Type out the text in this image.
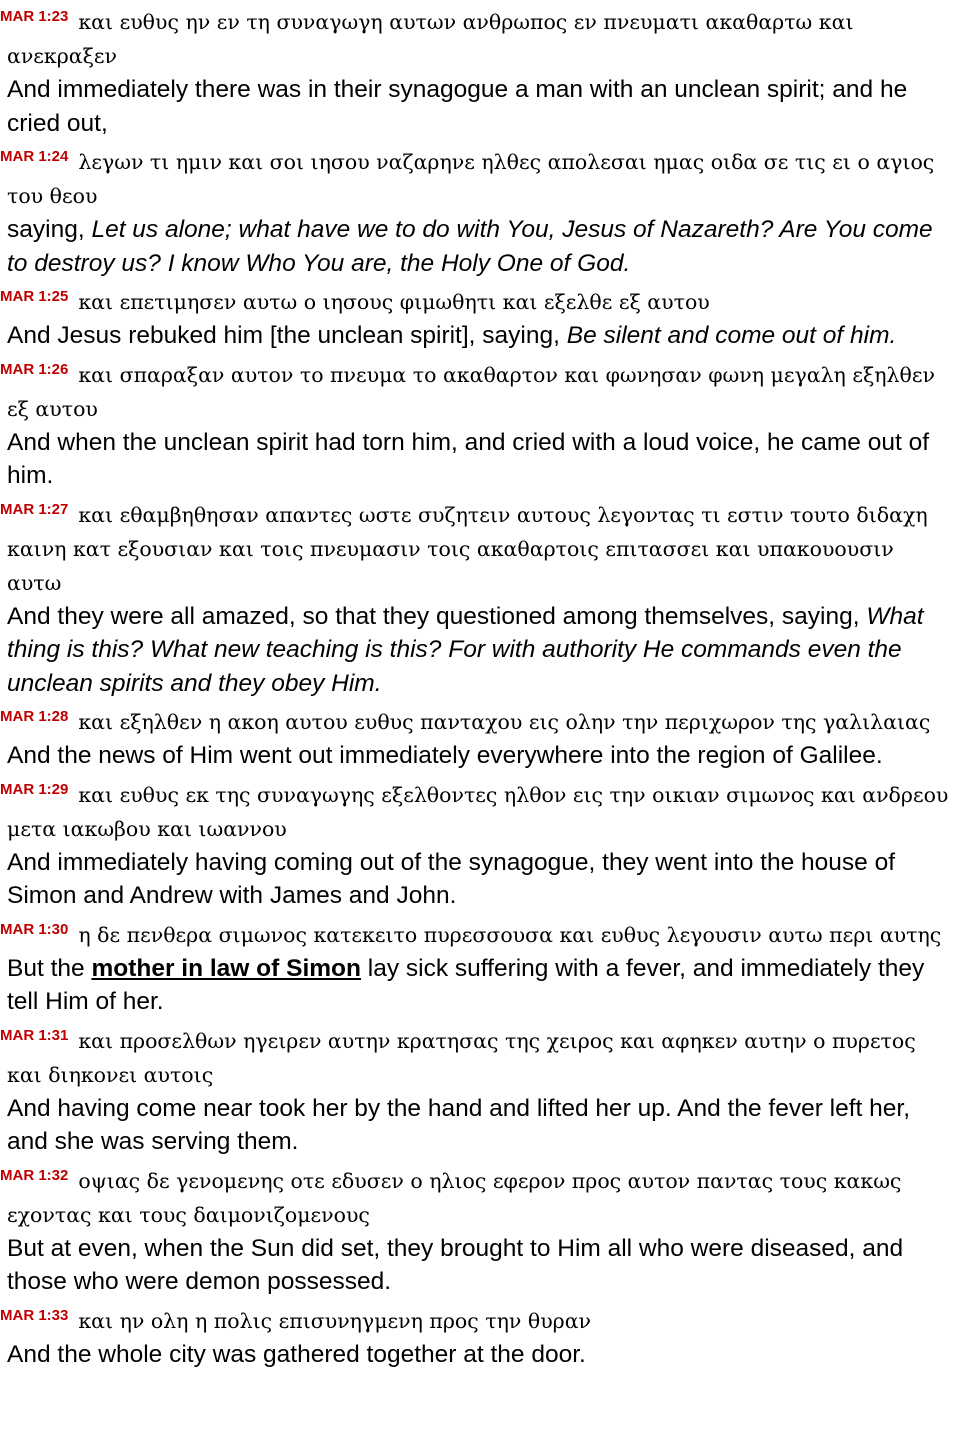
$^{MAR 1:23}$ και ευθυς ην εν τη συναγωγη αυτων ανθρωπος εν πνευματι ακαθαρτω και ανεκραξεν
And immediately there was in their synagogue a man with an unclean spirit; and he cried out,
$^{MAR 1:24}$ λεγων τι ημιν και σοι ιησου ναζαρηνε ηλθες απολεσαι ημας οιδα σε τις ει ο αγιος του θεου
saying, Let us alone; what have we to do with You, Jesus of Nazareth? Are You come to destroy us? I know Who You are, the Holy One of God.
$^{MAR 1:25}$ και επετιμησεν αυτω ο ιησους φιμωθητι και εξελθε εξ αυτου
And Jesus rebuked him [the unclean spirit], saying, Be silent and come out of him.
$^{MAR 1:26}$ και σπαραξαν αυτον το πνευμα το ακαθαρτον και φωνησαν φωνη μεγαλη εξηλθεν εξ αυτου
And when the unclean spirit had torn him, and cried with a loud voice, he came out of him.
$^{MAR 1:27}$ και εθαμβηθησαν απαντες ωστε συζητειν αυτους λεγοντας τι εστιν τουτο διδαχη καινη κατ εξουσιαν και τοις πνευμασιν τοις ακαθαρτοις επιτασσει και υπακουουσιν αυτω
And they were all amazed, so that they questioned among themselves, saying, What thing is this? What new teaching is this? For with authority He commands even the unclean spirits and they obey Him.
$^{MAR 1:28}$ και εξηλθεν η ακοη αυτου ευθυς πανταχου εις ολην την περιχωρον της γαλιλαιας
And the news of Him went out immediately everywhere into the region of Galilee.
$^{MAR 1:29}$ και ευθυς εκ της συναγωγης εξελθοντες ηλθον εις την οικιαν σιμωνος και ανδρεου μετα ιακωβου και ιωαννου
And immediately having coming out of the synagogue, they went into the house of Simon and Andrew with James and John.
$^{MAR 1:30}$ η δε πενθερα σιμωνος κατεκειτο πυρεσσουσα και ευθυς λεγουσιν αυτω περι αυτης
But the mother in law of Simon lay sick suffering with a fever, and immediately they tell Him of her.
$^{MAR 1:31}$ και προσελθων ηγειρεν αυτην κρατησας της χειρος και αφηκεν αυτην ο πυρετος και διηκονει αυτοις
And having come near took her by the hand and lifted her up. And the fever left her, and she was serving them.
$^{MAR 1:32}$ οψιας δε γενομενης οτε εδυσεν ο ηλιος εφερον προς αυτον παντας τους κακως εχοντας και τους δαιμονιζομενους
But at even, when the Sun did set, they brought to Him all who were diseased, and those who were demon possessed.
$^{MAR 1:33}$ και ην ολη η πολις επισυνηγμενη προς την θυραν
And the whole city was gathered together at the door.
